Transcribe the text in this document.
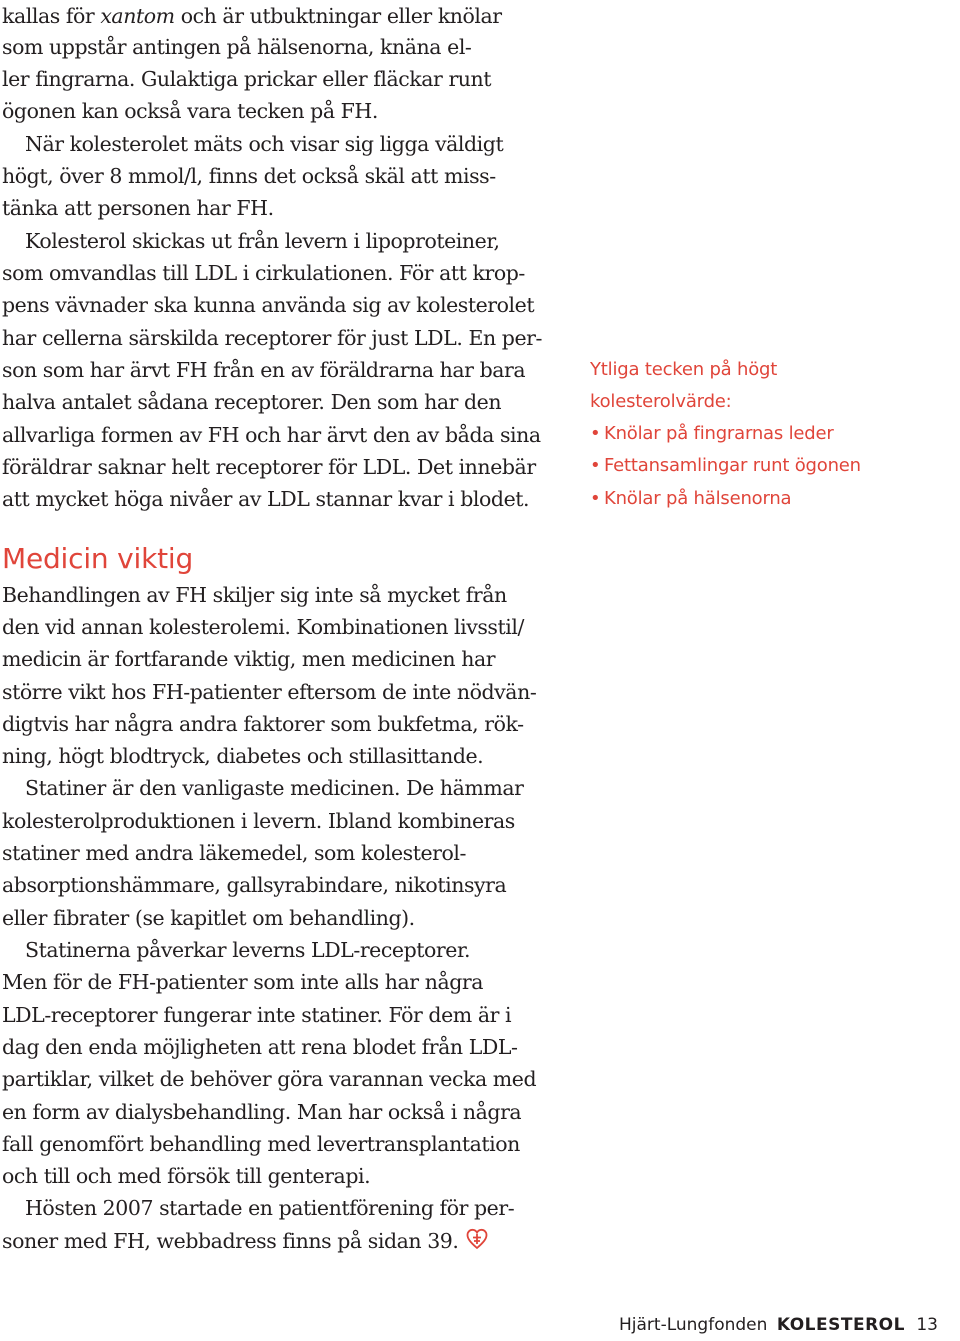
kallas för xantom och är utbuktningar eller knölar
som uppstår antingen på hälsenorna, knäna el-
ler fingrarna. Gulaktiga prickar eller fläckar runt
ögonen kan också vara tecken på FH.
När kolesterolet mäts och visar sig ligga väldigt
högt, över 8 mmol/l, finns det också skäl att miss-
tänka att personen har FH.
Kolesterol skickas ut från levern i lipoproteiner,
som omvandlas till LDL i cirkulationen. För att krop-
pens vävnader ska kunna använda sig av kolesterolet
har cellerna särskilda receptorer för just LDL. En per-
son som har ärvt FH från en av föräldrarna har bara
halva antalet sådana receptorer. Den som har den
allvarliga formen av FH och har ärvt den av båda sina
föräldrar saknar helt receptorer för LDL. Det innebär
att mycket höga nivåer av LDL stannar kvar i blodet.
Ytliga tecken på högt
kolesterolvärde:
• Knölar på fingrarnas leder
• Fettansamlingar runt ögonen
• Knölar på hälsenorna
Medicin viktig
Behandlingen av FH skiljer sig inte så mycket från
den vid annan kolesterolemi. Kombinationen livsstil/
medicin är fortfarande viktig, men medicinen har
större vikt hos FH-patienter eftersom de inte nödvän-
digtvis har några andra faktorer som bukfetma, rök-
ning, högt blodtryck, diabetes och stillasittande.
Statiner är den vanligaste medicinen. De hämmar
kolesterolproduktionen i levern. Ibland kombineras
statiner med andra läkemedel, som kolesterol-
absorptionshämmare, gallsyrabindare, nikotinsyra
eller fibrater (se kapitlet om behandling).
Statinerna påverkar leverns LDL-receptorer.
Men för de FH-patienter som inte alls har några
LDL-receptorer fungerar inte statiner. För dem är i
dag den enda möjligheten att rena blodet från LDL-
partiklar, vilket de behöver göra varannan vecka med
en form av dialysbehandling. Man har också i några
fall genomfört behandling med levertransplantation
och till och med försök till genterapi.
Hösten 2007 startade en patientförening för per-
soner med FH, webbadress finns på sidan 39.
Hjärt-Lungfonden KOLESTEROL 13
